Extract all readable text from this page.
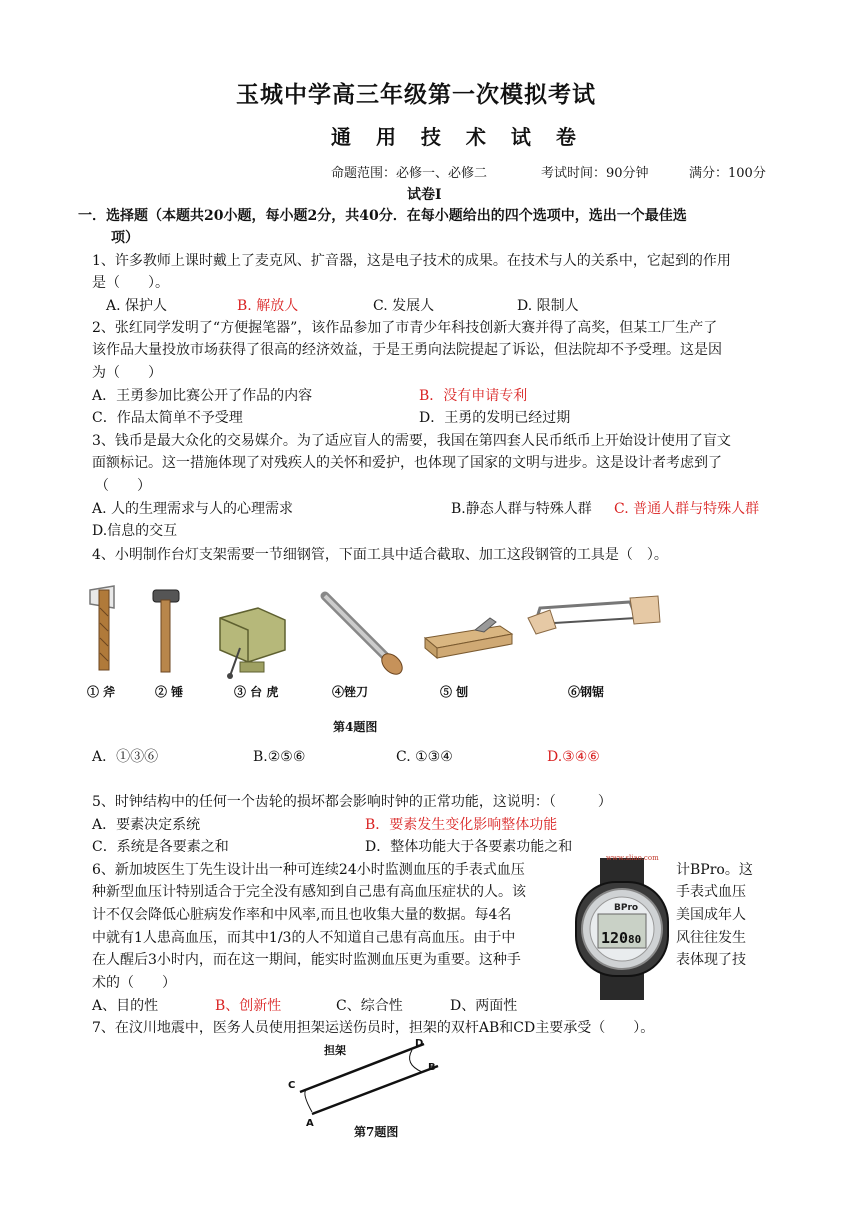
玉城中学高三年级第一次模拟考试
通 用 技 术 试 卷
命题范围：必修一、必修二	考试时间：90分钟	满分：100分
试卷Ⅰ
一．选择题（本题共20小题，每小题2分，共40分．在每小题给出的四个选项中，选出一个最佳选
项）
1、许多教师上课时戴上了麦克风、扩音器，这是电子技术的成果。在技术与人的关系中，它起到的作用
是（　　）。
A. 保护人	B. 解放人	C. 发展人	D. 限制人
2、张红同学发明了“方便握笔器”，该作品参加了市青少年科技创新大赛并得了高奖，但某工厂生产了
该作品大量投放市场获得了很高的经济效益，于是王勇向法院提起了诉讼，但法院却不予受理。这是因
为（　　）
A．王勇参加比赛公开了作品的内容	B．没有申请专利
C．作品太简单不予受理	D．王勇的发明已经过期
3、钱币是最大众化的交易媒介。为了适应盲人的需要，我国在第四套人民币纸币上开始设计使用了盲文
面额标记。这一措施体现了对残疾人的关怀和爱护，也体现了国家的文明与进步。这是设计者考虑到了
（　　）
A. 人的生理需求与人的心理需求	B.静态人群与特殊人群 C. 普通人群与特殊人群
D.信息的交互
4、小明制作台灯支架需要一节细钢管，下面工具中适合截取、加工这段钢管的工具是（　）。
① 斧	② 锤	③ 台 虎	④锉刀	⑤ 刨	⑥钢锯
第4题图
A．①③⑥	B.②⑤⑥	C. ①③④	D.③④⑥
5、时钟结构中的任何一个齿轮的损坏都会影响时钟的正常功能，这说明：（　　　）
A．要素决定系统	B．要素发生变化影响整体功能
C．系统是各要素之和	D．整体功能大于各要素功能之和
6、新加坡医生丁先生设计出一种可连续24小时监测血压的手表式血压	计BPro。这
种新型血压计特别适合于完全没有感知到自己患有高血压症状的人。该	手表式血压
计不仅会降低心脏病发作率和中风率,而且也收集大量的数据。每4名	美国成年人
中就有1人患高血压，而其中1/3的人不知道自己患有高血压。由于中	风往往发生
在人醒后3小时内，而在这一期间，能实时监测血压更为重要。这种手	表体现了技
术的（　　）
A、目的性	B、创新性	C、综合性	D、两面性
BPro
120 80
www.sliao.com
7、在汶川地震中，医务人员使用担架运送伤员时，担架的双杆AB和CD主要承受（　　）。
担架
D
B
C
A
第7题图
